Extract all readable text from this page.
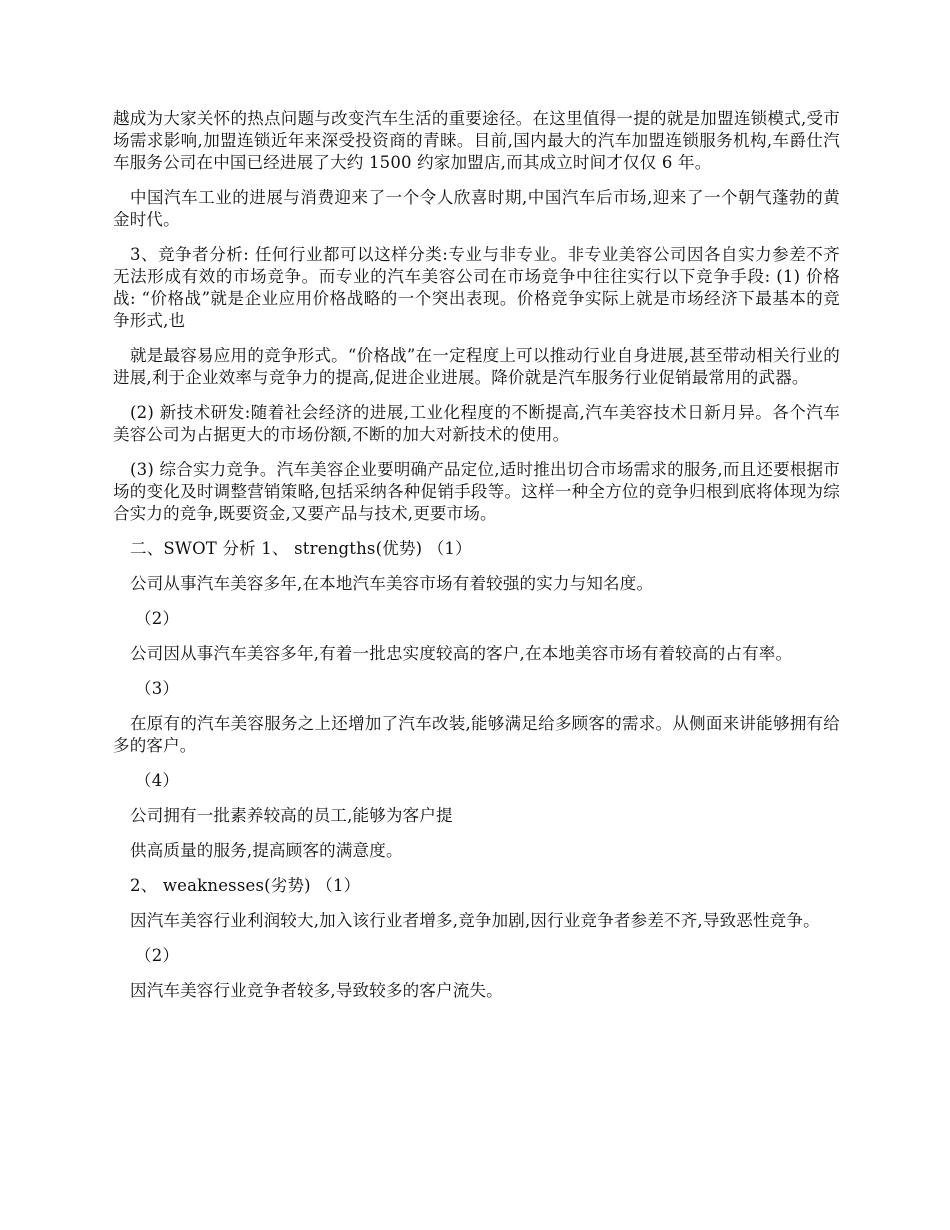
越成为大家关怀的热点问题与改变汽车生活的重要途径。在这里值得一提的就是加盟连锁模式,受市场需求影响,加盟连锁近年来深受投资商的青睐。目前,国内最大的汽车加盟连锁服务机构,车爵仕汽车服务公司在中国已经进展了大约 1500 约家加盟店,而其成立时间才仅仅 6 年。

中国汽车工业的进展与消费迎来了一个令人欣喜时期,中国汽车后市场,迎来了一个朝气蓬勃的黄金时代。

3、竞争者分析: 任何行业都可以这样分类:专业与非专业。非专业美容公司因各自实力参差不齐无法形成有效的市场竞争。而专业的汽车美容公司在市场竞争中往往实行以下竞争手段: (1) 价格战: “价格战”就是企业应用价格战略的一个突出表现。价格竞争实际上就是市场经济下最基本的竞争形式,也

就是最容易应用的竞争形式。“价格战”在一定程度上可以推动行业自身进展,甚至带动相关行业的进展,利于企业效率与竞争力的提高,促进企业进展。降价就是汽车服务行业促销最常用的武器。

(2) 新技术研发:随着社会经济的进展,工业化程度的不断提高,汽车美容技术日新月异。各个汽车美容公司为占据更大的市场份额,不断的加大对新技术的使用。

(3) 综合实力竞争。汽车美容企业要明确产品定位,适时推出切合市场需求的服务,而且还要根据市场的变化及时调整营销策略,包括采纳各种促销手段等。这样一种全方位的竞争归根到底将体现为综合实力的竞争,既要资金,又要产品与技术,更要市场。

二、SWOT 分析 1、 strengths(优势) （1）

公司从事汽车美容多年,在本地汽车美容市场有着较强的实力与知名度。

（2）

公司因从事汽车美容多年,有着一批忠实度较高的客户,在本地美容市场有着较高的占有率。

（3）

在原有的汽车美容服务之上还增加了汽车改装,能够满足给多顾客的需求。从侧面来讲能够拥有给多的客户。

（4）

公司拥有一批素养较高的员工,能够为客户提

供高质量的服务,提高顾客的满意度。

2、 weaknesses(劣势) （1）

因汽车美容行业利润较大,加入该行业者增多,竞争加剧,因行业竞争者参差不齐,导致恶性竞争。

（2）

因汽车美容行业竞争者较多,导致较多的客户流失。
